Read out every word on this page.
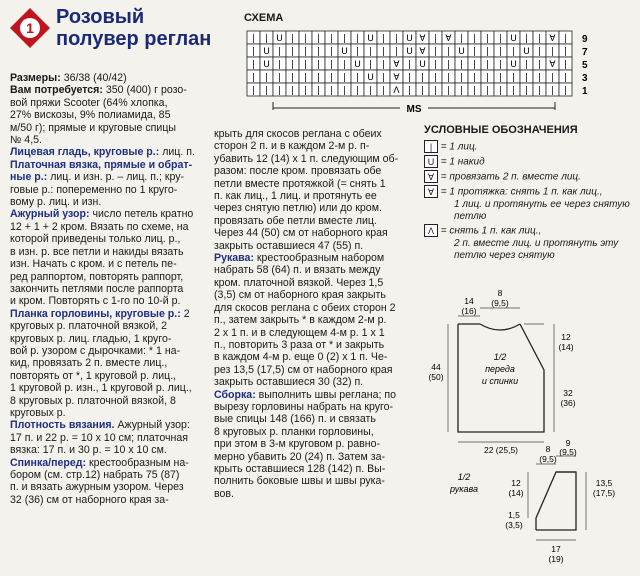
1 Розовый
полувер реглан

Размеры: 36/38 (40/42)

Вам потребуется: 350 (400) г розо-

вой пряжи Scooter (64% хлопка,

27% вискозы, 9% полиамида, 85

м/50 г); прямые и круговые спицы

№ 4,5.

Лицевая гладь, круговые р.: лиц. п.

Платочная вязка, прямые и обрат-

ные р.: лиц. и изн. р. – лиц. п.; кру-

говые р.: попеременно по 1 круго-

вому р. лиц. и изн.

Ажурный узор: число петель кратно

12 + 1 + 2 кром. Вязать по схеме, на

которой приведены только лиц. р.,

в изн. р. все петли и накиды вязать

изн. Начать с кром. и с петель пе-

ред раппортом, повторять раппорт,

закончить петлями после раппорта

и кром. Повторять с 1-го по 10-й р.

Планка горловины, круговые р.: 2

круговых р. платочной вязкой, 2

круговых р. лиц. гладью, 1 круго-

вой р. узором с дырочками: * 1 на-

кид, провязать 2 п. вместе лиц.,

повторять от *, 1 круговой р. лиц.,

1 круговой р. изн., 1 круговой р. лиц.,

8 круговых р. платочной вязкой, 8

круговых р.

Плотность вязания. Ажурный узор:

17 п. и 22 р. = 10 х 10 см; платочная

вязка: 17 п. и 30 р. = 10 х 10 см.

Спинка/перед: крестообразным на-

бором (см. стр.12) набрать 75 (87)

п. и вязать ажурным узором. Через

32 (36) см от наборного края за-

крыть для скосов реглана с обеих

сторон 2 п. и в каждом 2-м р. п-

убавить 12 (14) х 1 п. следующим об-

разом: после кром. провязать обе

петли вместе протяжкой (= снять 1

п. как лиц., 1 лиц. и протянуть ее

через снятую петлю) или до кром.

провязать обе петли вместе лиц.

Через 44 (50) см от наборного края

закрыть оставшиеся 47 (55) п.

Рукава: крестообразным набором

набрать 58 (64) п. и вязать между

кром. платочной вязкой. Через 1,5

(3,5) см от наборного края закрыть

для скосов реглана с обеих сторон 2

п., затем закрыть * в каждом 2-м р.

2 х 1 п. и в следующем 4-м р. 1 х 1

п., повторить 3 раза от * и закрыть

в каждом 4-м р. еще 0 (2) х 1 п. Че-

рез 13,5 (17,5) см от наборного края

закрыть оставшиеся 30 (32) п.

Сборка: выполнить швы реглана; по

вырезу горловины набрать на круго-

вые спицы 148 (166) п. и связать

8 круговых р. планки горловины,

при этом в 3-м круговом р. равно-

мерно убавить 20 (24) п. Затем за-

крыть оставшиеся 128 (142) п. Вы-

полнить боковые швы и швы рука-

вов.

СХЕМА
| | U | | | | | | U | | U ∀ | ∀ | | | | U | | ∀ |
| U | | | | | U | | | | U ∀ | | U | | | | U | | |
| U | | | | | | U | | ∀ | U | | | | | | U | | ∀ |
| | | | | | | | | U | ∀ | | | | | | | | | | | | |
| | | | | | | | | | | Λ | | | | | | | | | | | | |
9
7
5
3
1
MS
УСЛОВНЫЕ ОБОЗНАЧЕНИЯ
| = 1 лиц.
U = 1 накид
∀ = провязать 2 п. вместе лиц.
∀ = 1 протяжка: снять 1 п. как лиц.,
1 лиц. и протянуть ее через снятую
петлю
Λ = снять 1 п. как лиц.,
2 п. вместе лиц. и протянуть эту
петлю через снятую
14
(16)
8
(9,5)
12
(14)
44
(50)
32
(36)
22 (25,5)
1/2
переда
и спинки
8
(9,5)
9
(9,5)
12
(14)
13,5
(17,5)
1,5
(3,5)
17
(19)
1/2
рукава
